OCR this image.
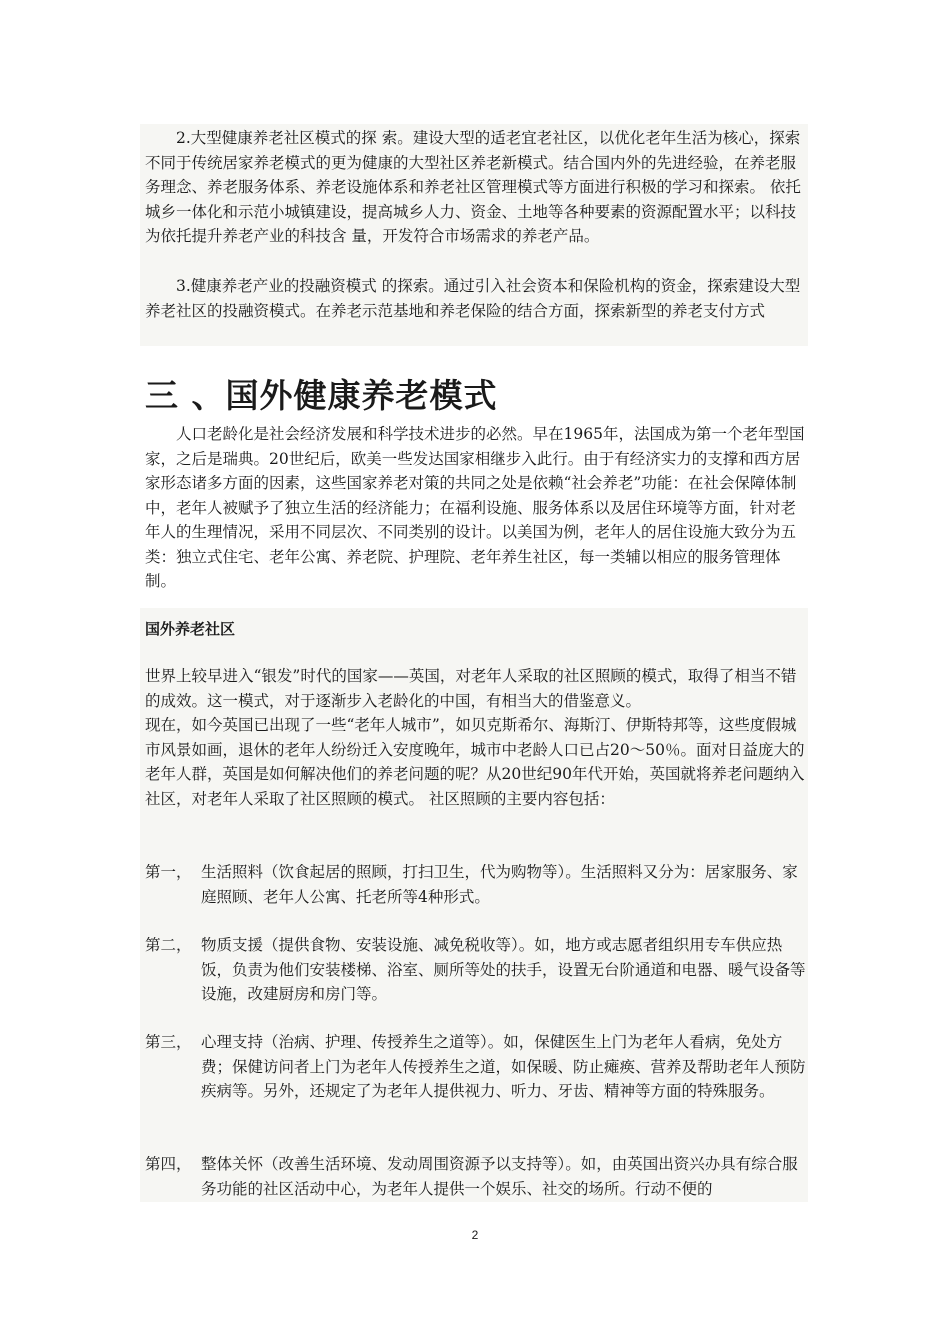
2.大型健康养老社区模式的探 索。建设大型的适老宜老社区，以优化老年生活为核心，探索不同于传统居家养老模式的更为健康的大型社区养老新模式。结合国内外的先进经验，在养老服务理念、养老服务体系、养老设施体系和养老社区管理模式等方面进行积极的学习和探索。 依托城乡一体化和示范小城镇建设，提高城乡人力、资金、土地等各种要素的资源配置水平；以科技为依托提升养老产业的科技含 量，开发符合市场需求的养老产品。

3.健康养老产业的投融资模式 的探索。通过引入社会资本和保险机构的资金，探索建设大型养老社区的投融资模式。在养老示范基地和养老保险的结合方面，探索新型的养老支付方式

三 、国外健康养老模式

人口老龄化是社会经济发展和科学技术进步的必然。早在1965年，法国成为第一个老年型国家，之后是瑞典。20世纪后，欧美一些发达国家相继步入此行。由于有经济实力的支撑和西方居家形态诸多方面的因素，这些国家养老对策的共同之处是依赖“社会养老”功能：在社会保障体制中，老年人被赋予了独立生活的经济能力；在福利设施、服务体系以及居住环境等方面，针对老年人的生理情况，采用不同层次、不同类别的设计。以美国为例，老年人的居住设施大致分为五类：独立式住宅、老年公寓、养老院、护理院、老年养生社区，每一类辅以相应的服务管理体制。

国外养老社区

世界上较早进入“银发”时代的国家——英国，对老年人采取的社区照顾的模式，取得了相当不错的成效。这一模式，对于逐渐步入老龄化的中国，有相当大的借鉴意义。

现在，如今英国已出现了一些“老年人城市”，如贝克斯希尔、海斯汀、伊斯特邦等，这些度假城市风景如画，退休的老年人纷纷迁入安度晚年，城市中老龄人口已占20～50％。面对日益庞大的老年人群，英国是如何解决他们的养老问题的呢？从20世纪90年代开始，英国就将养老问题纳入社区，对老年人采取了社区照顾的模式。 社区照顾的主要内容包括：

第一， 生活照料（饮食起居的照顾，打扫卫生，代为购物等）。生活照料又分为：居家服务、家庭照顾、老年人公寓、托老所等4种形式。
第二， 物质支援（提供食物、安装设施、减免税收等）。如，地方或志愿者组织用专车供应热饭，负责为他们安装楼梯、浴室、厕所等处的扶手，设置无台阶通道和电器、暖气设备等设施，改建厨房和房门等。
第三， 心理支持（治病、护理、传授养生之道等）。如，保健医生上门为老年人看病，免处方费；保健访问者上门为老年人传授养生之道，如保暖、防止瘫痪、营养及帮助老年人预防疾病等。另外，还规定了为老年人提供视力、听力、牙齿、精神等方面的特殊服务。
第四， 整体关怀（改善生活环境、发动周围资源予以支持等）。如，由英国出资兴办具有综合服务功能的社区活动中心，为老年人提供一个娱乐、社交的场所。行动不便的
2
